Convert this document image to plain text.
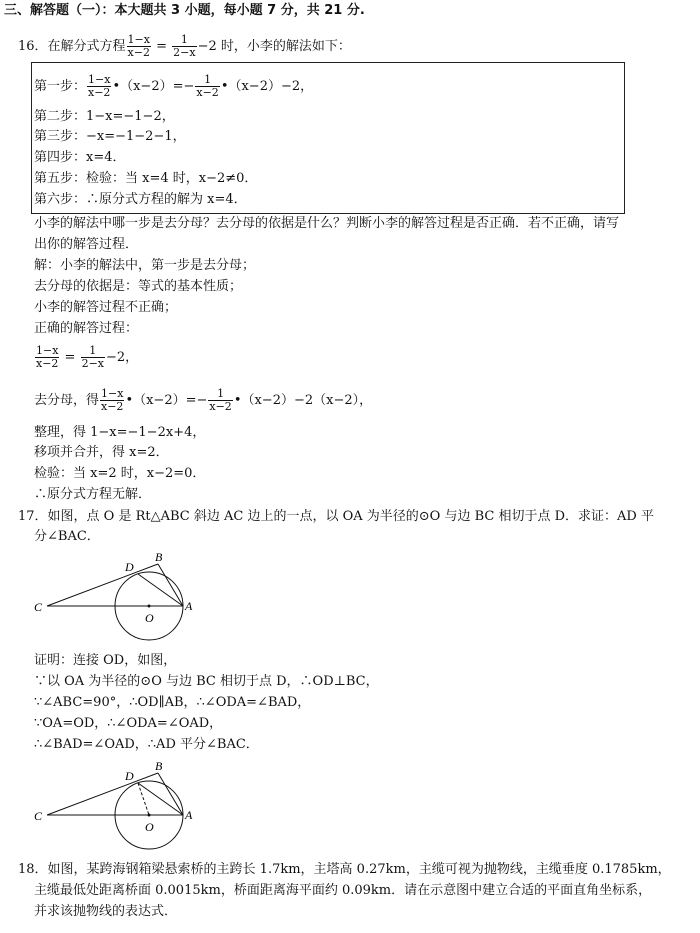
三、解答题（一）：本大题共 3 小题，每小题 7 分，共 21 分.
16．在解分式方程 $\frac{1-x}{x-2} = \frac{1}{2-x} -2$ 时，小李的解法如下：
第一步： $\frac{1-x}{x-2}$ •（x−2）=− $\frac{1}{x-2}$ •（x−2）−2，
第二步：1−x=−1−2，
第三步：−x=−1−2−1，
第四步：x=4．
第五步：检验：当 x=4 时，x−2≠0．
第六步：∴原分式方程的解为 x=4．
小李的解法中哪一步是去分母？去分母的依据是什么？判断小李的解答过程是否正确．若不正确，请写
出你的解答过程．
解：小李的解法中，第一步是去分母；
去分母的依据是：等式的基本性质；
小李的解答过程不正确；
正确的解答过程：
$\frac{1-x}{x-2} = \frac{1}{2-x} -2$，
去分母，得 $\frac{1-x}{x-2}$ •（x−2）=− $\frac{1}{x-2}$ •（x−2）−2（x−2），
整理，得 1−x=−1−2x+4，
移项并合并，得 x=2．
检验：当 x=2 时，x−2=0．
∴原分式方程无解．
17．如图，点 O 是 Rt△ABC 斜边 AC 边上的一点，以 OA 为半径的⊙O 与边 BC 相切于点 D．求证：AD 平
分∠BAC．
B
D
C
O
A
证明：连接 OD，如图，
∵以 OA 为半径的⊙O 与边 BC 相切于点 D，∴OD⊥BC，
∵∠ABC=90°，∴OD∥AB，∴∠ODA=∠BAD，
∵OA=OD，∴∠ODA=∠OAD，
∴∠BAD=∠OAD，∴AD 平分∠BAC．
B
D
C
O
A
18．如图，某跨海钢箱梁悬索桥的主跨长 1.7km，主塔高 0.27km，主缆可视为抛物线，主缆垂度 0.1785km，
主缆最低处距离桥面 0.0015km，桥面距离海平面约 0.09km．请在示意图中建立合适的平面直角坐标系，
并求该抛物线的表达式．
